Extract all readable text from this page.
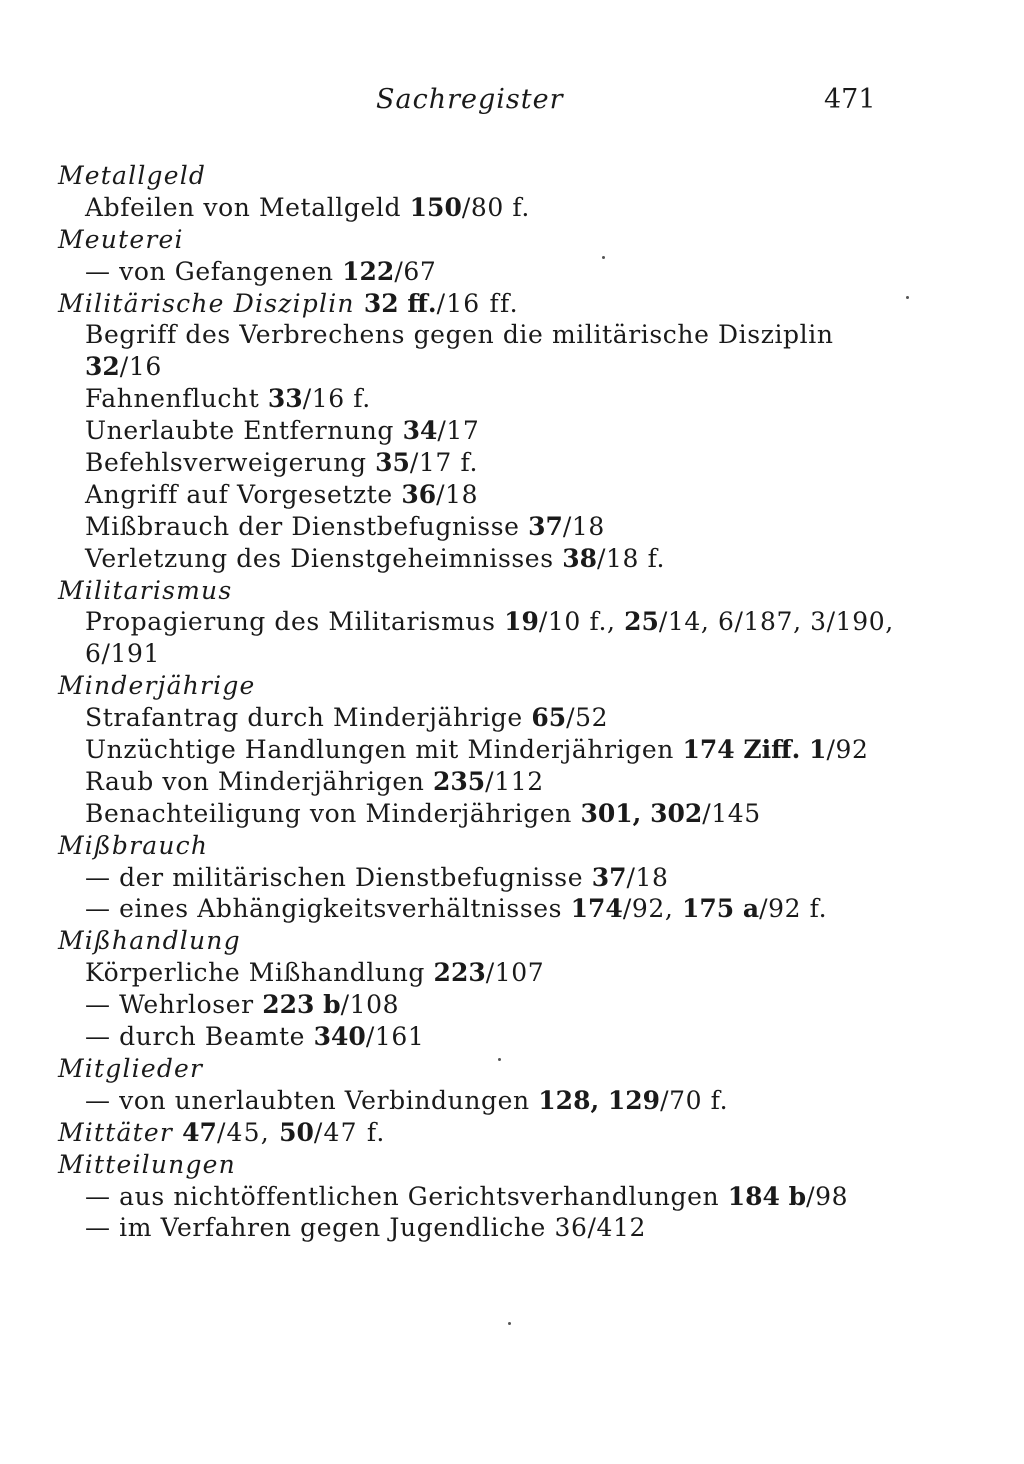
Sachregister	471
Metallgeld
Abfeilen von Metallgeld 150/80 f.
Meuterei
— von Gefangenen 122/67
Militärische Disziplin 32 ff./16 ff.
Begriff des Verbrechens gegen die militärische Disziplin
32/16
Fahnenflucht 33/16 f.
Unerlaubte Entfernung 34/17
Befehlsverweigerung 35/17 f.
Angriff auf Vorgesetzte 36/18
Mißbrauch der Dienstbefugnisse 37/18
Verletzung des Dienstgeheimnisses 38/18 f.
Militarismus
Propagierung des Militarismus 19/10 f., 25/14, 6/187, 3/190,
6/191
Minderjährige
Strafantrag durch Minderjährige 65/52
Unzüchtige Handlungen mit Minderjährigen 174 Ziff. 1/92
Raub von Minderjährigen 235/112
Benachteiligung von Minderjährigen 301, 302/145
Mißbrauch
— der militärischen Dienstbefugnisse 37/18
— eines Abhängigkeitsverhältnisses 174/92, 175 a/92 f.
Mißhandlung
Körperliche Mißhandlung 223/107
— Wehrloser 223 b/108
— durch Beamte 340/161
Mitglieder
— von unerlaubten Verbindungen 128, 129/70 f.
Mittäter 47/45, 50/47 f.
Mitteilungen
— aus nichtöffentlichen Gerichtsverhandlungen 184 b/98
— im Verfahren gegen Jugendliche 36/412
